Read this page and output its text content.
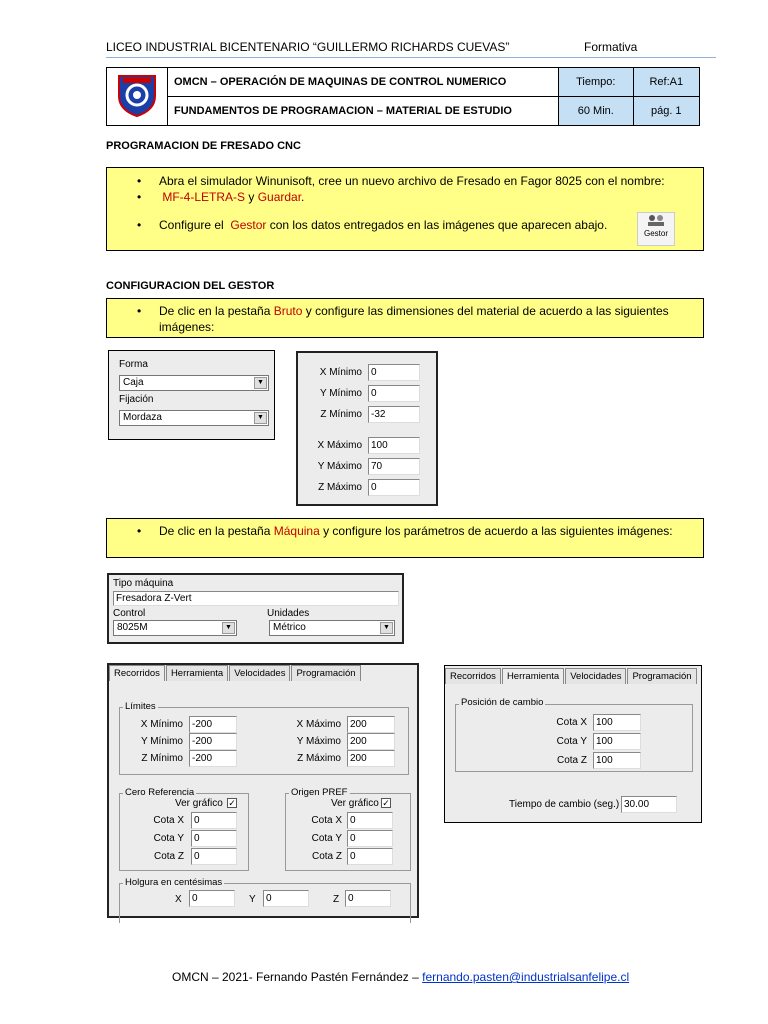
LICEO INDUSTRIAL BICENTENARIO “GUILLERMO RICHARDS CUEVAS”	Formativa
	OMCN – OPERACIÓN DE MAQUINAS DE CONTROL NUMERICO	Tiempo:	Ref:A1
	FUNDAMENTOS DE PROGRAMACION – MATERIAL DE ESTUDIO	60 Min.	pág. 1
PROGRAMACION DE FRESADO CNC
• Abra el simulador Winunisoft, cree un nuevo archivo de Fresado en Fagor 8025 con el nombre:
• MF-4-LETRA-S y Guardar.
• Configure el  Gestor con los datos entregados en las imágenes que aparecen abajo.
Gestor
CONFIGURACION DEL GESTOR
• De clic en la pestaña Bruto y configure las dimensiones del material de acuerdo a las siguientes imágenes:
Forma
Caja	▼
Fijación
Mordaza	▼
X Mínimo 0
Y Mínimo 0
Z Mínimo -32
X Máximo 100
Y Máximo 70
Z Máximo 0
• De clic en la pestaña Máquina y configure los parámetros de acuerdo a las siguientes imágenes:
Tipo máquina
Fresadora Z-Vert
Control
8025M	▼
Unidades
Métrico	▼
Recorridos	Herramienta	Velocidades	Programación
Límites
X Mínimo -200
Y Mínimo -200
Z Mínimo -200
X Máximo 200
Y Máximo 200
Z Máximo 200
Cero Referencia
Ver gráfico ✓
Cota X	0
Cota Y	0
Cota Z	0
Origen PREF
Ver gráfico ✓
Cota X 0
Cota Y 0
Cota Z 0
Holgura en centésimas
X	0	Y	0	Z 0
Recorridos	Herramienta	Velocidades	Programación
Posición de cambio
Cota X 100
Cota Y 100
Cota Z 100
Tiempo de cambio (seg.) 30.00
OMCN – 2021- Fernando Pastén Fernández – fernando.pasten@industrialsanfelipe.cl
